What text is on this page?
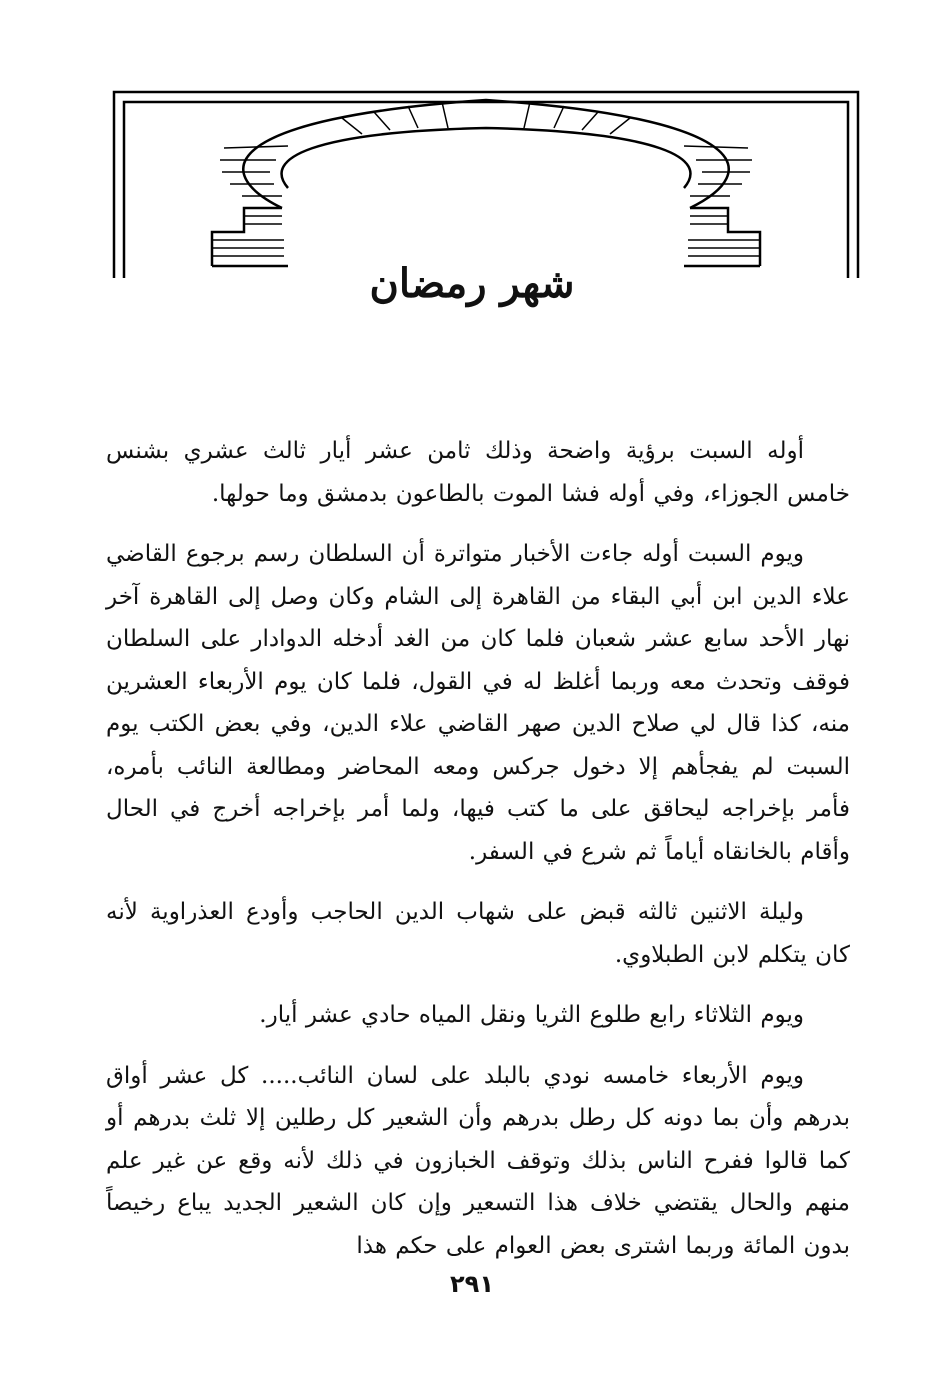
شهر رمضان

أوله السبت برؤية واضحة وذلك ثامن عشر أيار ثالث عشري بشنس خامس الجوزاء، وفي أوله فشا الموت بالطاعون بدمشق وما حولها.

ويوم السبت أوله جاءت الأخبار متواترة أن السلطان رسم برجوع القاضي علاء الدين ابن أبي البقاء من القاهرة إلى الشام وكان وصل إلى القاهرة آخر نهار الأحد سابع عشر شعبان فلما كان من الغد أدخله الدوادار على السلطان فوقف وتحدث معه وربما أغلظ له في القول، فلما كان يوم الأربعاء العشرين منه، كذا قال لي صلاح الدين صهر القاضي علاء الدين، وفي بعض الكتب يوم السبت لم يفجأهم إلا دخول جركس ومعه المحاضر ومطالعة النائب بأمره، فأمر بإخراجه ليحاقق على ما كتب فيها، ولما أمر بإخراجه أخرج في الحال وأقام بالخانقاه أياماً ثم شرع في السفر.

وليلة الاثنين ثالثه قبض على شهاب الدين الحاجب وأودع العذراوية لأنه كان يتكلم لابن الطبلاوي.

ويوم الثلاثاء رابع طلوع الثريا ونقل المياه حادي عشر أيار.

ويوم الأربعاء خامسه نودي بالبلد على لسان النائب..... كل عشر أواق بدرهم وأن بما دونه كل رطل بدرهم وأن الشعير كل رطلين إلا ثلث بدرهم أو كما قالوا ففرح الناس بذلك وتوقف الخبازون في ذلك لأنه وقع عن غير علم منهم والحال يقتضي خلاف هذا التسعير وإن كان الشعير الجديد يباع رخيصاً بدون المائة وربما اشترى بعض العوام على حكم هذا

٢٩١
